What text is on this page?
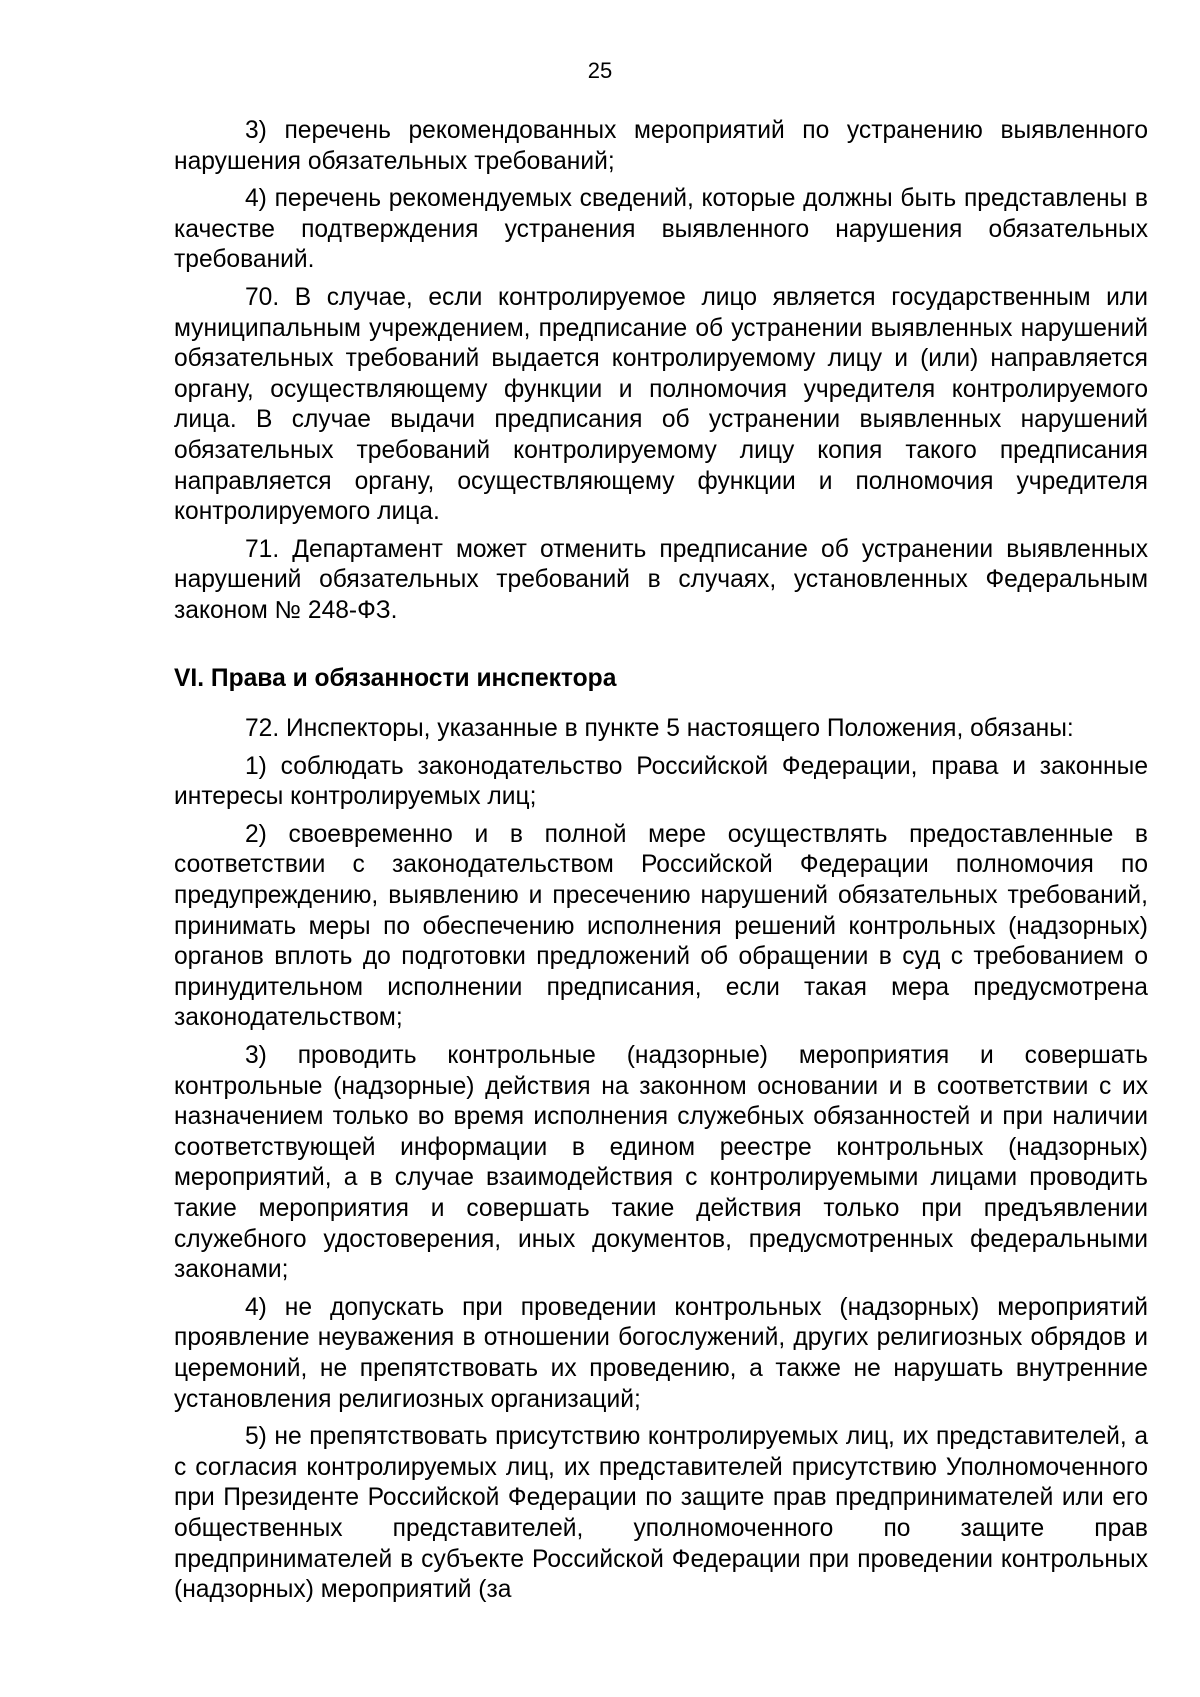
25

3) перечень рекомендованных мероприятий по устранению выявленного нарушения обязательных требований;

4) перечень рекомендуемых сведений, которые должны быть представлены в качестве подтверждения устранения выявленного нарушения обязательных требований.

70. В случае, если контролируемое лицо является государственным или муниципальным учреждением, предписание об устранении выявленных нарушений обязательных требований выдается контролируемому лицу и (или) направляется органу, осуществляющему функции и полномочия учредителя контролируемого лица. В случае выдачи предписания об устранении выявленных нарушений обязательных требований контролируемому лицу копия такого предписания направляется органу, осуществляющему функции и полномочия учредителя контролируемого лица.

71. Департамент может отменить предписание об устранении выявленных нарушений обязательных требований в случаях, установленных Федеральным законом № 248-ФЗ.

VI. Права и обязанности инспектора

72. Инспекторы, указанные в пункте 5 настоящего Положения, обязаны:

1) соблюдать законодательство Российской Федерации, права и законные интересы контролируемых лиц;

2) своевременно и в полной мере осуществлять предоставленные в соответствии с законодательством Российской Федерации полномочия по предупреждению, выявлению и пресечению нарушений обязательных требований, принимать меры по обеспечению исполнения решений контрольных (надзорных) органов вплоть до подготовки предложений об обращении в суд с требованием о принудительном исполнении предписания, если такая мера предусмотрена законодательством;

3) проводить контрольные (надзорные) мероприятия и совершать контрольные (надзорные) действия на законном основании и в соответствии с их назначением только во время исполнения служебных обязанностей и при наличии соответствующей информации в едином реестре контрольных (надзорных) мероприятий, а в случае взаимодействия с контролируемыми лицами проводить такие мероприятия и совершать такие действия только при предъявлении служебного удостоверения, иных документов, предусмотренных федеральными законами;

4) не допускать при проведении контрольных (надзорных) мероприятий проявление неуважения в отношении богослужений, других религиозных обрядов и церемоний, не препятствовать их проведению, а также не нарушать внутренние установления религиозных организаций;

5) не препятствовать присутствию контролируемых лиц, их представителей, а с согласия контролируемых лиц, их представителей присутствию Уполномоченного при Президенте Российской Федерации по защите прав предпринимателей или его общественных представителей, уполномоченного по защите прав предпринимателей в субъекте Российской Федерации при проведении контрольных (надзорных) мероприятий (за
